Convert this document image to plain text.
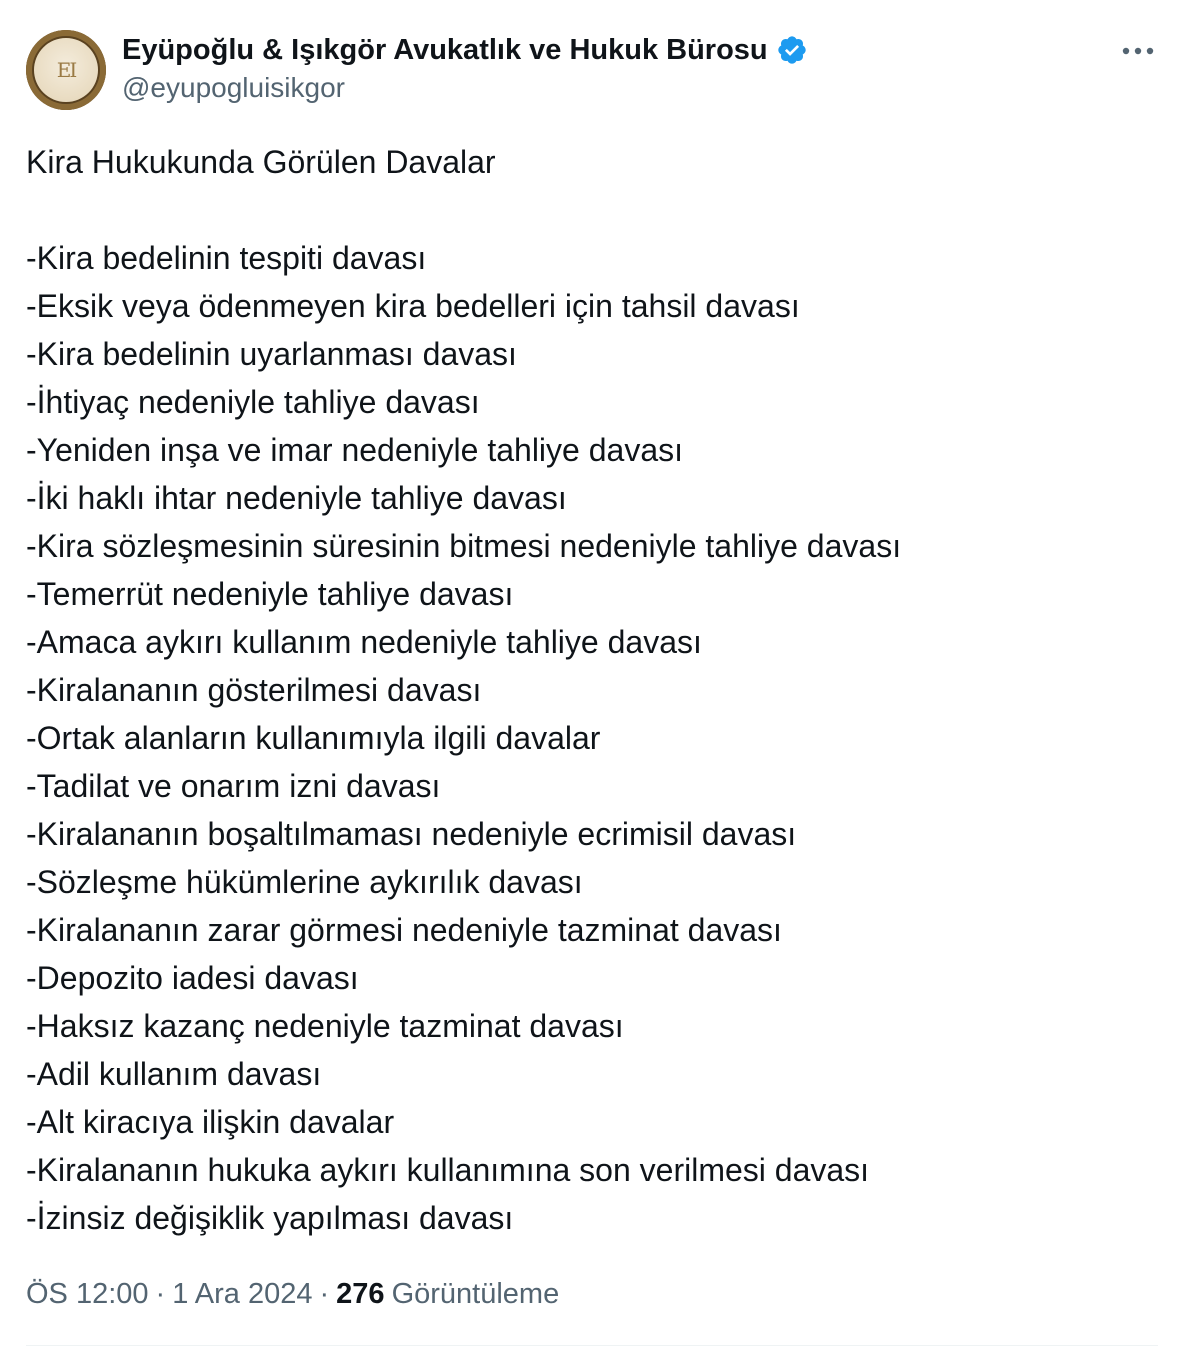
EI
Eyüpoğlu & Işıkgör Avukatlık ve Hukuk Bürosu
@eyupogluisikgor
Kira Hukukunda Görülen Davalar
-Kira bedelinin tespiti davası
-Eksik veya ödenmeyen kira bedelleri için tahsil davası
-Kira bedelinin uyarlanması davası
-İhtiyaç nedeniyle tahliye davası
-Yeniden inşa ve imar nedeniyle tahliye davası
-İki haklı ihtar nedeniyle tahliye davası
-Kira sözleşmesinin süresinin bitmesi nedeniyle tahliye davası
-Temerrüt nedeniyle tahliye davası
-Amaca aykırı kullanım nedeniyle tahliye davası
-Kiralananın gösterilmesi davası
-Ortak alanların kullanımıyla ilgili davalar
-Tadilat ve onarım izni davası
-Kiralananın boşaltılmaması nedeniyle ecrimisil davası
-Sözleşme hükümlerine aykırılık davası
-Kiralananın zarar görmesi nedeniyle tazminat davası
-Depozito iadesi davası
-Haksız kazanç nedeniyle tazminat davası
-Adil kullanım davası
-Alt kiracıya ilişkin davalar
-Kiralananın hukuka aykırı kullanımına son verilmesi davası
-İzinsiz değişiklik yapılması davası
ÖS 12:00 · 1 Ara 2024 · 276 Görüntüleme
